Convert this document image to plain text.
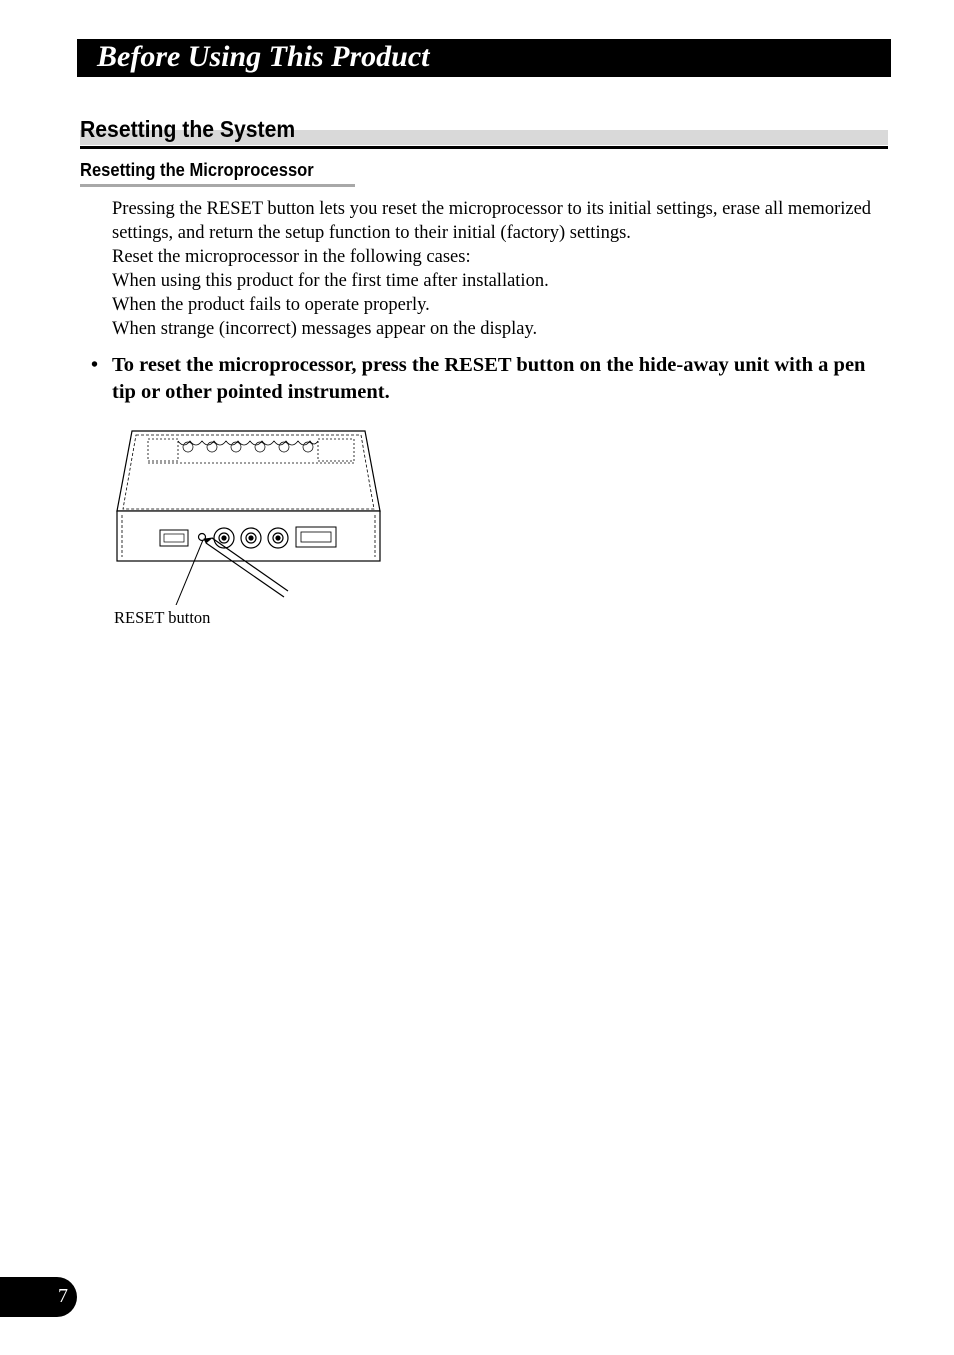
Before Using This Product
Resetting the System
Resetting the Microprocessor

Pressing the RESET button lets you reset the microprocessor to its initial settings, erase all memorized settings, and return the setup function to their initial (factory) settings.

Reset the microprocessor in the following cases:

When using this product for the first time after installation.

When the product fails to operate properly.

When strange (incorrect) messages appear on the display.

• To reset the microprocessor, press the RESET button on the hide-away unit with a pen tip or other pointed instrument.
RESET button
7
